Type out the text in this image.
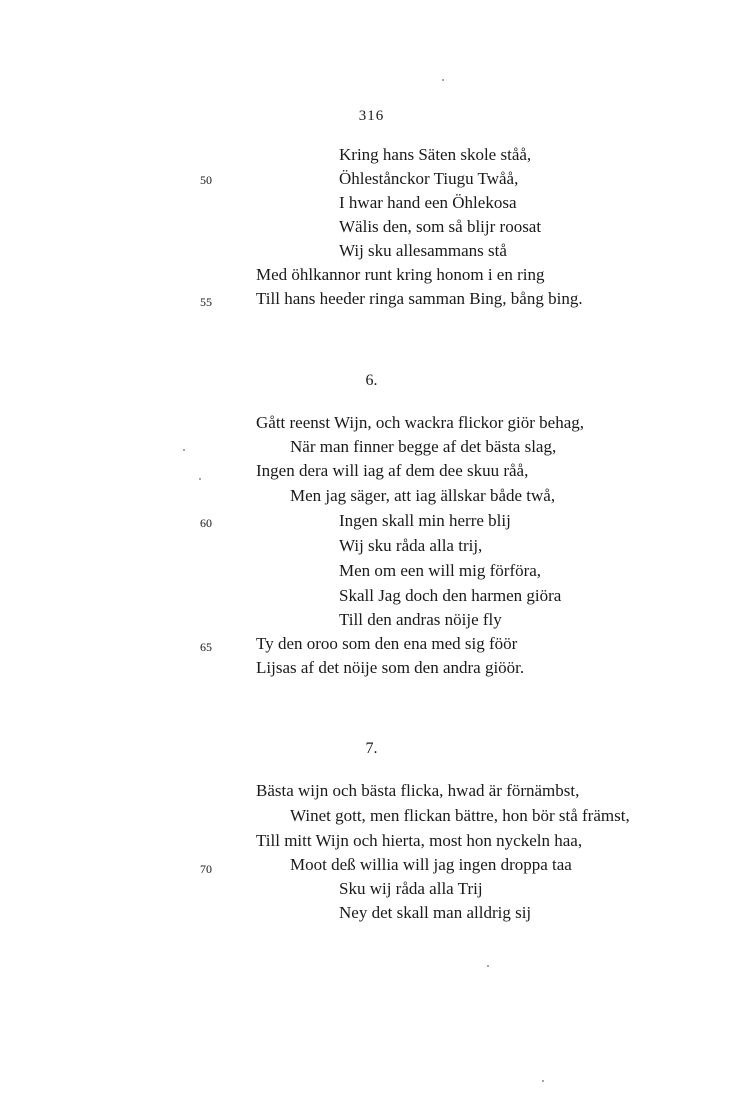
316
Kring hans Säten skole ståå,
Öhlestånckor Tiugu Twåå,
I hwar hand een Öhlekosa
Wälis den, som så blijr roosat
Wij sku allesammans stå
Med öhlkannor runt kring honom i en ring
Till hans heeder ringa samman Bing, bång bing.
50
55
6.
Gått reenst Wijn, och wackra flickor giör behag,
När man finner begge af det bästa slag,
Ingen dera will iag af dem dee skuu råå,
Men jag säger, att iag ällskar både twå,
Ingen skall min herre blij
Wij sku råda alla trij,
Men om een will mig förföra,
Skall Jag doch den harmen giöra
Till den andras nöije fly
Ty den oroo som den ena med sig föör
Lijsas af det nöije som den andra giöör.
60
65
7.
Bästa wijn och bästa flicka, hwad är förnämbst,
Winet gott, men flickan bättre, hon bör stå främst,
Till mitt Wijn och hierta, most hon nyckeln haa,
Moot deß willia will jag ingen droppa taa
Sku wij råda alla Trij
Ney det skall man alldrig sij
70
